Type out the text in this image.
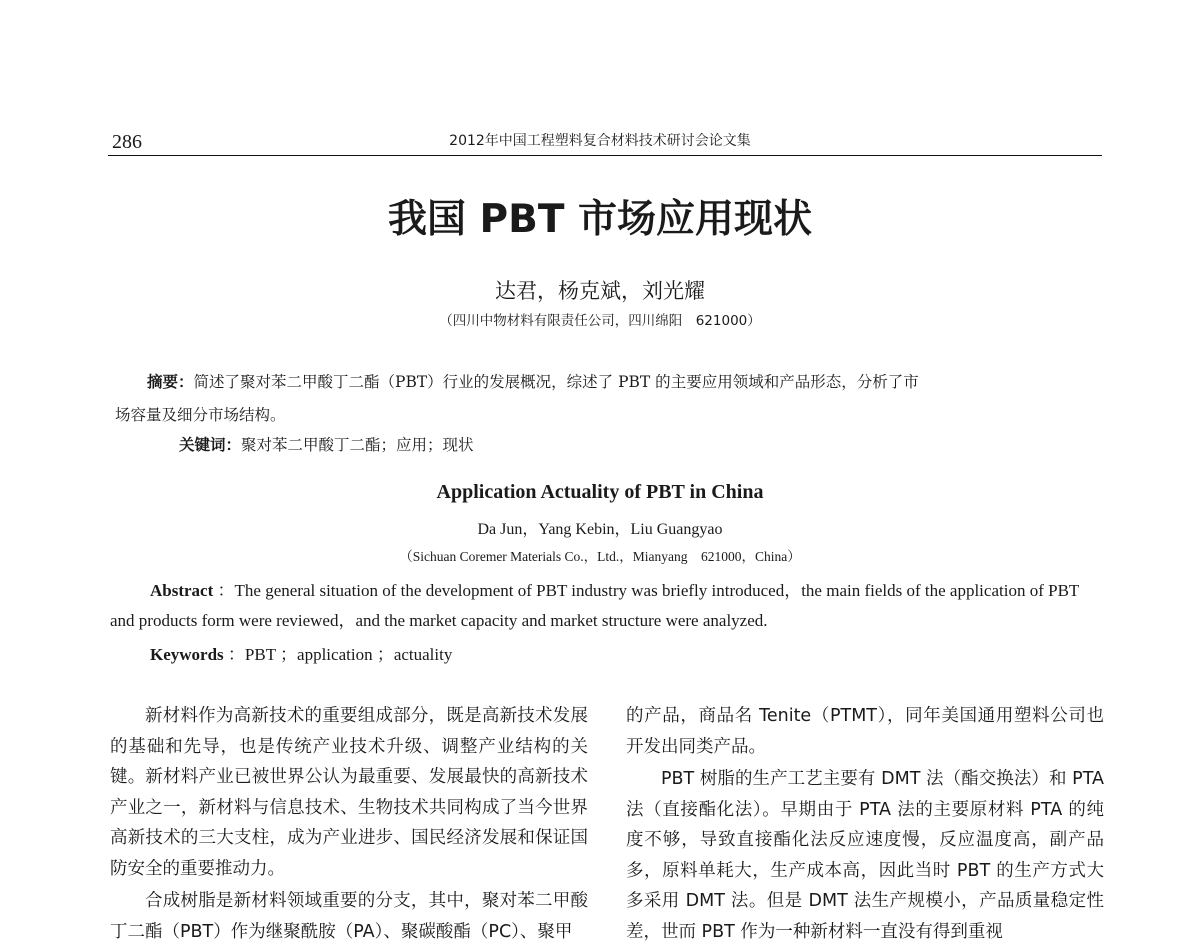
286	2012年中国工程塑料复合材料技术研讨会论文集
我国 PBT 市场应用现状
达君，杨克斌，刘光耀
（四川中物材料有限责任公司，四川绵阳　621000）
摘要：简述了聚对苯二甲酸丁二酯（PBT）行业的发展概况，综述了 PBT 的主要应用领域和产品形态，分析了市
场容量及细分市场结构。
关键词：聚对苯二甲酸丁二酯；应用；现状
Application Actuality of PBT in China
Da Jun，Yang Kebin，Liu Guangyao
（Sichuan Coremer Materials Co.，Ltd.，Mianyang　621000，China）
Abstract ：The general situation of the development of PBT industry was briefly introduced，the main fields of the application of PBT and products form were reviewed，and the market capacity and market structure were analyzed.
Keywords ：PBT ；application ；actuality

新材料作为高新技术的重要组成部分，既是高新技术发展的基础和先导，也是传统产业技术升级、调整产业结构的关键。新材料产业已被世界公认为最重要、发展最快的高新技术产业之一，新材料与信息技术、生物技术共同构成了当今世界高新技术的三大支柱，成为产业进步、国民经济发展和保证国防安全的重要推动力。

合成树脂是新材料领域重要的分支，其中，聚对苯二甲酸丁二酯（PBT）作为继聚酰胺（PA）、聚碳酸酯（PC）、聚甲

的产品，商品名 Tenite（PTMT），同年美国通用塑料公司也开发出同类产品。

PBT 树脂的生产工艺主要有 DMT 法（酯交换法）和 PTA 法（直接酯化法）。早期由于 PTA 法的主要原材料 PTA 的纯度不够，导致直接酯化法反应速度慢，反应温度高，副产品多，原料单耗大，生产成本高，因此当时 PBT 的生产方式大多采用 DMT 法。但是 DMT 法生产规模小，产品质量稳定性差，世而 PBT 作为一种新材料一直没有得到重视
